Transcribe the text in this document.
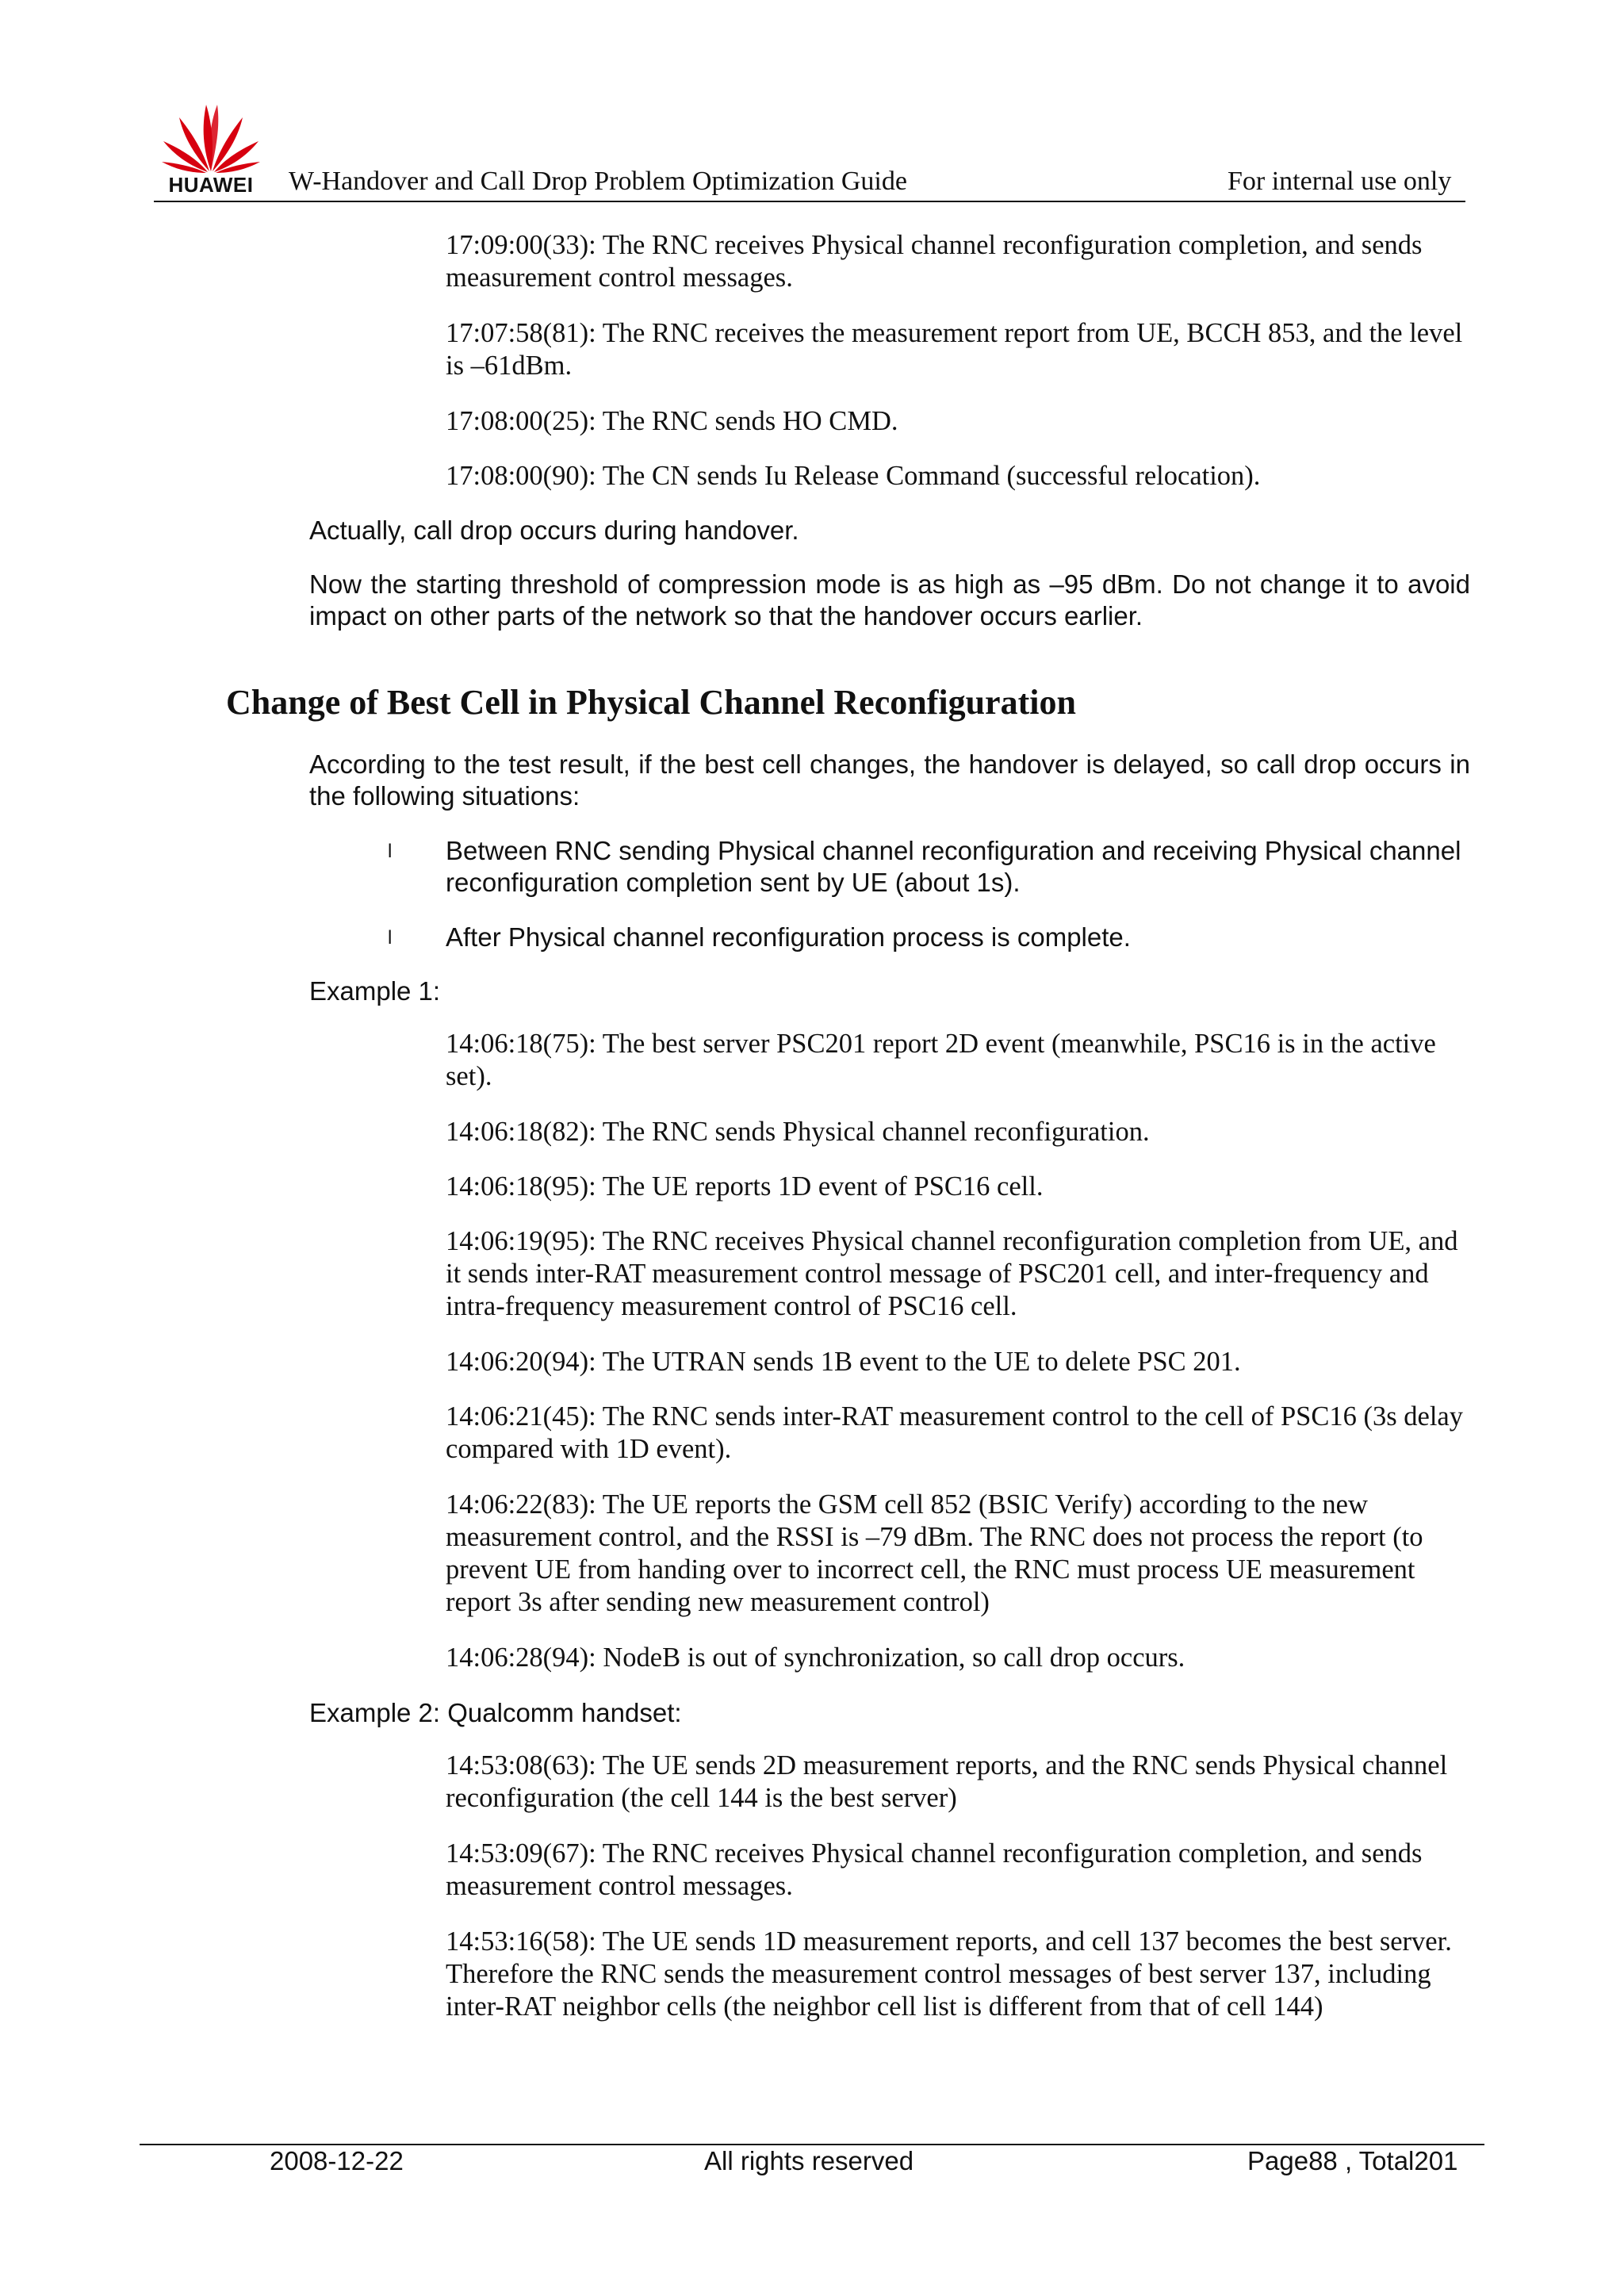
HUAWEI	W-Handover and Call Drop Problem Optimization Guide	For internal use only
17:09:00(33): The RNC receives Physical channel reconfiguration completion, and sends measurement control messages.
17:07:58(81): The RNC receives the measurement report from UE, BCCH 853, and the level is –61dBm.
17:08:00(25): The RNC sends HO CMD.
17:08:00(90): The CN sends Iu Release Command (successful relocation).
Actually, call drop occurs during handover.
Now the starting threshold of compression mode is as high as –95 dBm. Do not change it to avoid impact on other parts of the network so that the handover occurs earlier.
Change of Best Cell in Physical Channel Reconfiguration
According to the test result, if the best cell changes, the handover is delayed, so call drop occurs in the following situations:
l Between RNC sending Physical channel reconfiguration and receiving Physical channel reconfiguration completion sent by UE (about 1s).
l After Physical channel reconfiguration process is complete.
Example 1:
14:06:18(75): The best server PSC201 report 2D event (meanwhile, PSC16 is in the active set).
14:06:18(82): The RNC sends Physical channel reconfiguration.
14:06:18(95): The UE reports 1D event of PSC16 cell.
14:06:19(95): The RNC receives Physical channel reconfiguration completion from UE, and it sends inter-RAT measurement control message of PSC201 cell, and inter-frequency and intra-frequency measurement control of PSC16 cell.
14:06:20(94): The UTRAN sends 1B event to the UE to delete PSC 201.
14:06:21(45): The RNC sends inter-RAT measurement control to the cell of PSC16 (3s delay compared with 1D event).
14:06:22(83): The UE reports the GSM cell 852 (BSIC Verify) according to the new measurement control, and the RSSI is –79 dBm. The RNC does not process the report (to prevent UE from handing over to incorrect cell, the RNC must process UE measurement report 3s after sending new measurement control)
14:06:28(94): NodeB is out of synchronization, so call drop occurs.
Example 2: Qualcomm handset:
14:53:08(63): The UE sends 2D measurement reports, and the RNC sends Physical channel reconfiguration (the cell 144 is the best server)
14:53:09(67): The RNC receives Physical channel reconfiguration completion, and sends measurement control messages.
14:53:16(58): The UE sends 1D measurement reports, and cell 137 becomes the best server. Therefore the RNC sends the measurement control messages of best server 137, including inter-RAT neighbor cells (the neighbor cell list is different from that of cell 144)
2008-12-22	All rights reserved	Page88 , Total201
